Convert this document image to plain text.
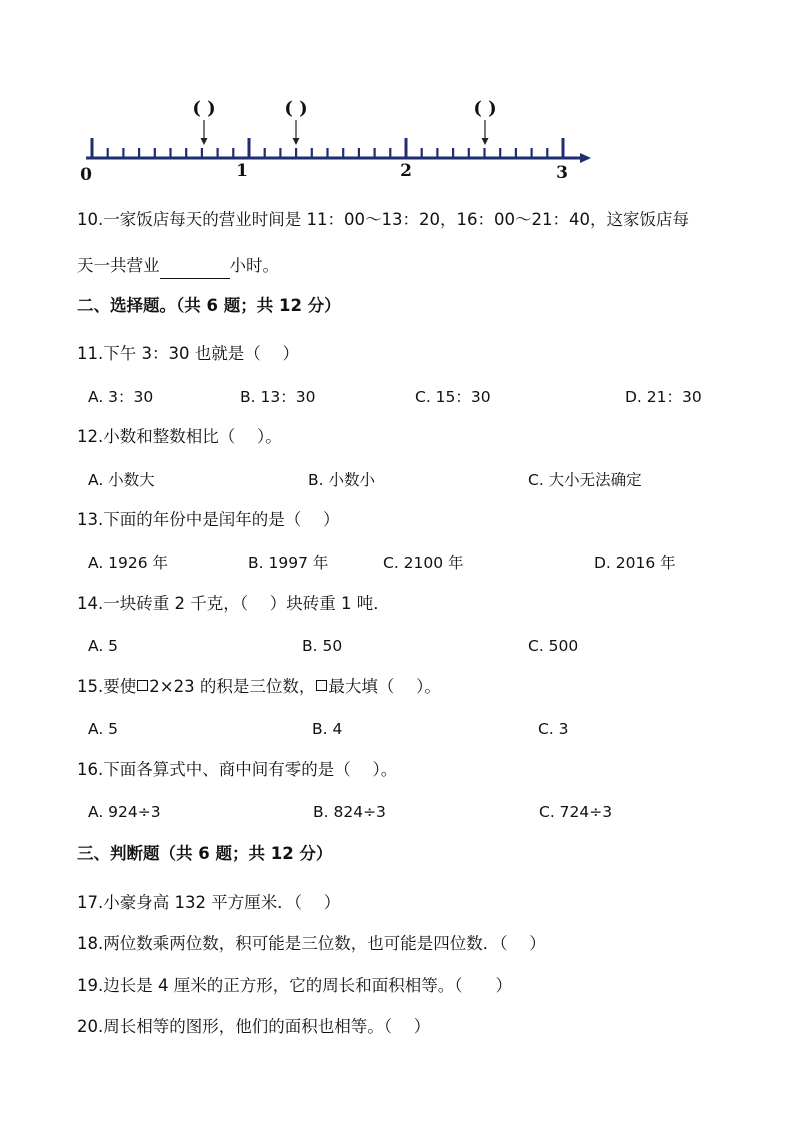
0	1	2	3
( )	( )	( )
10.一家饭店每天的营业时间是 11：00～13：20，16：00～21：40，这家饭店每
天一共营业	小时。
二、选择题。（共 6 题；共 12 分）
11.下午 3：30 也就是（　 ）
A. 3：30	B. 13：30	C. 15：30	D. 21：30
12.小数和整数相比（　 ）。
A. 小数大	B. 小数小	C. 大小无法确定
13.下面的年份中是闰年的是（　 ）
A. 1926 年	B. 1997 年	C. 2100 年	D. 2016 年
14.一块砖重 2 千克，（　 ）块砖重 1 吨．
A. 5	B. 50	C. 500
15.要使 2×23 的积是三位数， 最大填（　 ）。
A. 5	B. 4	C. 3
16.下面各算式中、商中间有零的是（　 ）。
A. 924÷3	B. 824÷3	C. 724÷3
三、判断题（共 6 题；共 12 分）
17.小豪身高 132 平方厘米．（　 ）
18.两位数乘两位数，积可能是三位数，也可能是四位数．（　 ）
19.边长是 4 厘米的正方形，它的周长和面积相等。（　　）
20.周长相等的图形，他们的面积也相等。（　 ）
